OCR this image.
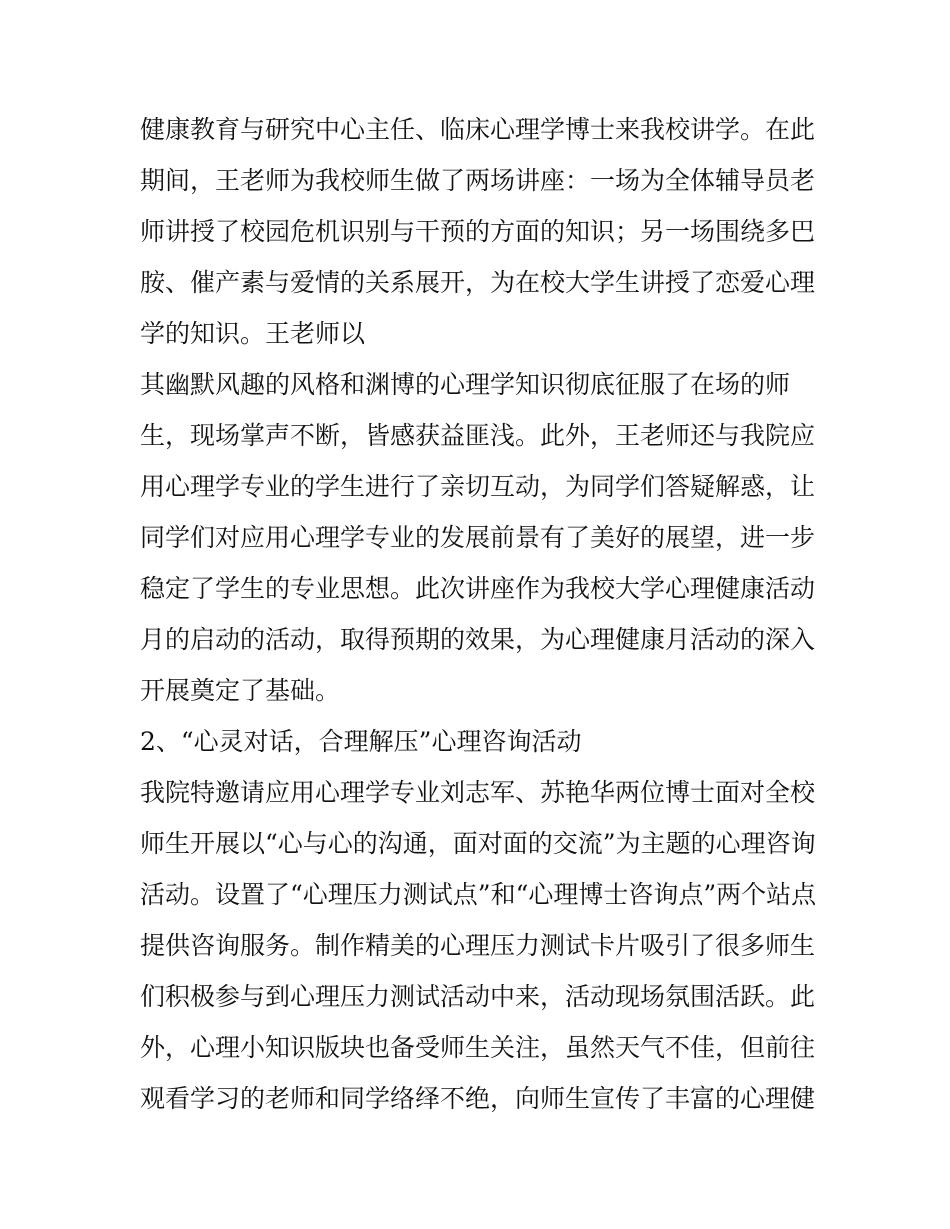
健康教育与研究中心主任、临床心理学博士来我校讲学。在此
期间，王老师为我校师生做了两场讲座：一场为全体辅导员老
师讲授了校园危机识别与干预的方面的知识；另一场围绕多巴
胺、催产素与爱情的关系展开，为在校大学生讲授了恋爱心理
学的知识。王老师以
其幽默风趣的风格和渊博的心理学知识彻底征服了在场的师
生，现场掌声不断，皆感获益匪浅。此外，王老师还与我院应
用心理学专业的学生进行了亲切互动，为同学们答疑解惑，让
同学们对应用心理学专业的发展前景有了美好的展望，进一步
稳定了学生的专业思想。此次讲座作为我校大学心理健康活动
月的启动的活动，取得预期的效果，为心理健康月活动的深入
开展奠定了基础。
2、“心灵对话，合理解压”心理咨询活动
我院特邀请应用心理学专业刘志军、苏艳华两位博士面对全校
师生开展以“心与心的沟通，面对面的交流”为主题的心理咨询
活动。设置了“心理压力测试点”和“心理博士咨询点”两个站点
提供咨询服务。制作精美的心理压力测试卡片吸引了很多师生
们积极参与到心理压力测试活动中来，活动现场氛围活跃。此
外，心理小知识版块也备受师生关注，虽然天气不佳，但前往
观看学习的老师和同学络绎不绝，向师生宣传了丰富的心理健
